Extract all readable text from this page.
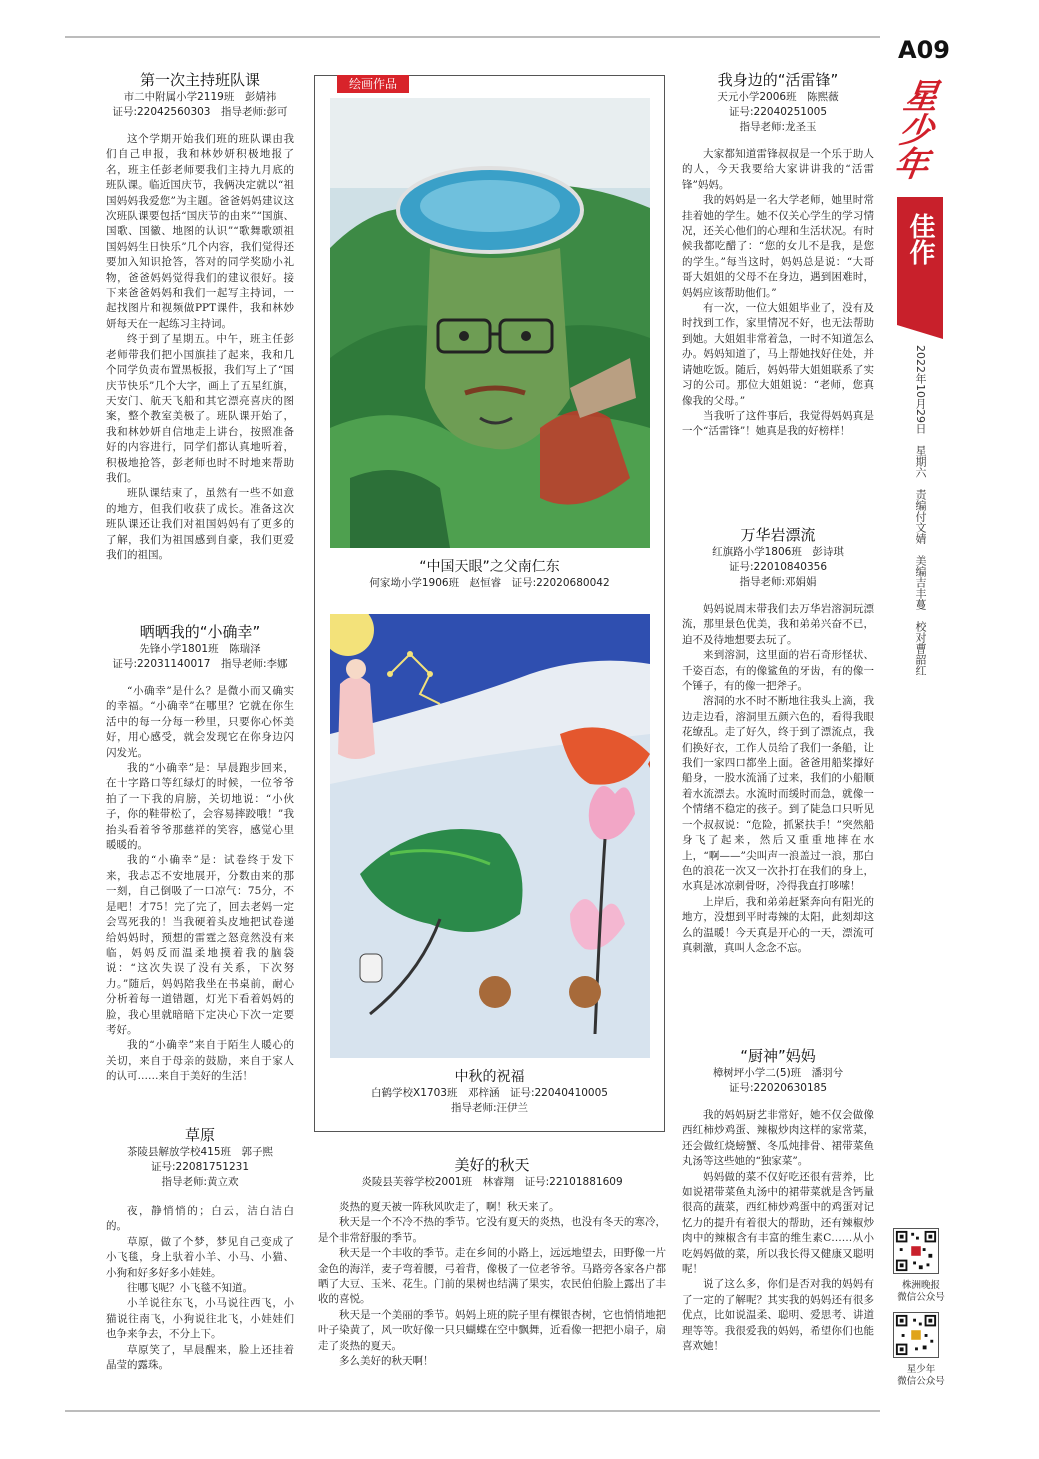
A09
星少年
佳作
2022年10月29日　星期六　责编付文婧　美编吉丰蔓　校对曹韶红
株洲晚报
微信公众号
星少年
微信公众号
第一次主持班队课
市二中附属小学2119班　彭婧祎
证号:22042560303　指导老师:彭可

这个学期开始我们班的班队课由我们自己申报，我和林妙妍积极地报了名，班主任彭老师要我们主持九月底的班队课。临近国庆节，我俩决定就以“祖国妈妈我爱您”为主题。爸爸妈妈建议这次班队课要包括“国庆节的由来”“国旗、国歌、国徽、地图的认识”“歌舞歌颂祖国妈妈生日快乐”几个内容，我们觉得还要加入知识抢答，答对的同学奖励小礼物，爸爸妈妈觉得我们的建议很好。接下来爸爸妈妈和我们一起写主持词，一起找图片和视频做PPT课件，我和林妙妍每天在一起练习主持词。

终于到了星期五。中午，班主任彭老师带我们把小国旗挂了起来，我和几个同学负责布置黑板报，我们写上了“国庆节快乐”几个大字，画上了五星红旗，天安门、航天飞船和其它漂亮喜庆的图案，整个教室美极了。班队课开始了，我和林妙妍自信地走上讲台，按照准备好的内容进行，同学们都认真地听着，积极地抢答，彭老师也时不时地来帮助我们。

班队课结束了，虽然有一些不如意的地方，但我们收获了成长。准备这次班队课还让我们对祖国妈妈有了更多的了解，我们为祖国感到自豪，我们更爱我们的祖国。

晒晒我的“小确幸”
先锋小学1801班　陈瑞泽
证号:22031140017　指导老师:李娜

“小确幸”是什么？是微小而又确实的幸福。“小确幸”在哪里？它就在你生活中的每一分每一秒里，只要你心怀美好，用心感受，就会发现它在你身边闪闪发光。

我的“小确幸”是：早晨跑步回来，在十字路口等红绿灯的时候，一位爷爷拍了一下我的肩膀，关切地说：“小伙子，你的鞋带松了，会容易摔跤哦！”我抬头看着爷爷那慈祥的笑容，感觉心里暖暖的。

我的“小确幸”是：试卷终于发下来，我忐忑不安地展开，分数由来的那一刻，自己倒吸了一口凉气：75分，不是吧！才75！完了完了，回去老妈一定会骂死我的！当我硬着头皮地把试卷递给妈妈时，预想的雷霆之怒竟然没有来临，妈妈反而温柔地摸着我的脑袋说：“这次失误了没有关系，下次努力。”随后，妈妈陪我坐在书桌前，耐心分析着每一道错题，灯光下看着妈妈的脸，我心里就暗暗下定决心下次一定要考好。

我的“小确幸”来自于陌生人暖心的关切，来自于母亲的鼓励，来自于家人的认可……来自于美好的生活！

草原
茶陵县解放学校415班　郭子熙
证号:22081751231
指导老师:黄立欢

夜，静悄悄的；白云，洁白洁白的。

草原，做了个梦，梦见自己变成了小飞毯，身上驮着小羊、小马、小猫、小狗和好多好多小娃娃。

往哪飞呢？小飞毯不知道。

小羊说往东飞，小马说往西飞，小猫说往南飞，小狗说往北飞，小娃娃们也争来争去，不分上下。

草原笑了，早晨醒来，脸上还挂着晶莹的露珠。

绘画作品
“中国天眼”之父南仁东
何家坳小学1906班　赵恒睿　证号:22020680042
中秋的祝福
白鹤学校X1703班　邓梓涵　证号:22040410005
指导老师:汪伊兰
美好的秋天
炎陵县芙蓉学校2001班　林睿翔　证号:22101881609

炎热的夏天被一阵秋风吹走了，啊！秋天来了。

秋天是一个不冷不热的季节。它没有夏天的炎热，也没有冬天的寒冷，是个非常舒服的季节。

秋天是一个丰收的季节。走在乡间的小路上，远远地望去，田野像一片金色的海洋，麦子弯着腰，弓着背，像极了一位老爷爷。马路旁各家各户都晒了大豆、玉米、花生。门前的果树也结满了果实，农民伯伯脸上露出了丰收的喜悦。

秋天是一个美丽的季节。妈妈上班的院子里有棵银杏树，它也悄悄地把叶子染黄了，风一吹好像一只只蝴蝶在空中飘舞，近看像一把把小扇子，扇走了炎热的夏天。

多么美好的秋天啊！

我身边的“活雷锋”
天元小学2006班　陈熙薇
证号:22040251005
指导老师:龙圣玉

大家都知道雷锋叔叔是一个乐于助人的人，今天我要给大家讲讲我的“活雷锋”妈妈。

我的妈妈是一名大学老师，她里时常挂着她的学生。她不仅关心学生的学习情况，还关心他们的心理和生活状况。有时候我都吃醋了：“您的女儿不是我，是您的学生。”每当这时，妈妈总是说：“大哥哥大姐姐的父母不在身边，遇到困难时，妈妈应该帮助他们。”

有一次，一位大姐姐毕业了，没有及时找到工作，家里情况不好，也无法帮助到她。大姐姐非常着急，一时不知道怎么办。妈妈知道了，马上帮她找好住处，并请她吃饭。随后，妈妈带大姐姐联系了实习的公司。那位大姐姐说：“老师，您真像我的父母。”

当我听了这件事后，我觉得妈妈真是一个“活雷锋”！她真是我的好榜样！

万华岩漂流
红旗路小学1806班　彭诗琪
证号:22010840356
指导老师:邓娟娟

妈妈说周末带我们去万华岩溶洞玩漂流，那里景色优美，我和弟弟兴奋不已，迫不及待地想要去玩了。

来到溶洞，这里面的岩石奇形怪状、千姿百态，有的像鲨鱼的牙齿，有的像一个锤子，有的像一把斧子。

溶洞的水不时不断地往我头上滴，我边走边看，溶洞里五颜六色的，看得我眼花缭乱。走了好久，终于到了漂流点，我们换好衣，工作人员给了我们一条船，让我们一家四口都坐上面。爸爸用船桨撑好船身，一股水流涌了过来，我们的小船顺着水流漂去。水流时而缓时而急，就像一个情绪不稳定的孩子。到了陡急口只听见一个叔叔说：“危险，抓紧扶手！”突然船身飞了起来，然后又重重地摔在水上，“啊——”尖叫声一浪盖过一浪，那白色的浪花一次又一次扑打在我们的身上，水真是冰凉刺骨呀，冷得我直打哆嗦！

上岸后，我和弟弟赶紧奔向有阳光的地方，没想到平时毒辣的太阳，此刻却这么的温暖！今天真是开心的一天，漂流可真刺激，真叫人念念不忘。

“厨神”妈妈
樟树坪小学二(5)班　潘羽兮
证号:22020630185

我的妈妈厨艺非常好，她不仅会做像西红柿炒鸡蛋、辣椒炒肉这样的家常菜，还会做红烧螃蟹、冬瓜炖排骨、裙带菜鱼丸汤等这些她的“独家菜”。

妈妈做的菜不仅好吃还很有营养，比如说裙带菜鱼丸汤中的裙带菜就是含钙量很高的蔬菜，西红柿炒鸡蛋中的鸡蛋对记忆力的提升有着很大的帮助，还有辣椒炒肉中的辣椒含有丰富的维生素C……从小吃妈妈做的菜，所以我长得又健康又聪明呢！

说了这么多，你们是否对我的妈妈有了一定的了解呢？其实我的妈妈还有很多优点，比如说温柔、聪明、爱思考、讲道理等等。我很爱我的妈妈，希望你们也能喜欢她！
